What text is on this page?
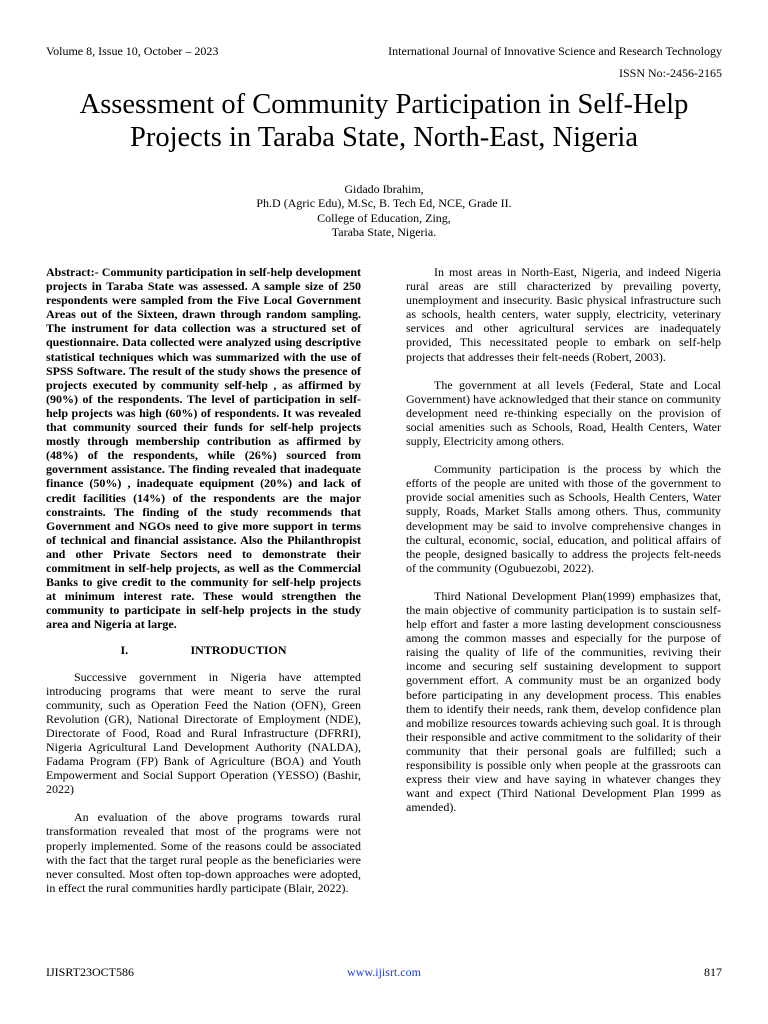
Volume 8, Issue 10, October – 2023	International Journal of Innovative Science and Research Technology
ISSN No:-2456-2165
Assessment of Community Participation in Self-Help Projects in Taraba State, North-East, Nigeria
Gidado Ibrahim,
Ph.D (Agric Edu), M.Sc, B. Tech Ed, NCE, Grade II.
College of Education, Zing,
Taraba State, Nigeria.

Abstract:- Community participation in self-help development projects in Taraba State was assessed. A sample size of 250 respondents were sampled from the Five Local Government Areas out of the Sixteen, drawn through random sampling. The instrument for data collection was a structured set of questionnaire. Data collected were analyzed using descriptive statistical techniques which was summarized with the use of SPSS Software. The result of the study shows the presence of projects executed by community self-help , as affirmed by (90%) of the respondents. The level of participation in self-help projects was high (60%) of respondents. It was revealed that community sourced their funds for self-help projects mostly through membership contribution as affirmed by (48%) of the respondents, while (26%) sourced from government assistance. The finding revealed that inadequate finance (50%) , inadequate equipment (20%) and lack of credit facilities (14%) of the respondents are the major constraints. The finding of the study recommends that Government and NGOs need to give more support in terms of technical and financial assistance. Also the Philanthropist and other Private Sectors need to demonstrate their commitment in self-help projects, as well as the Commercial Banks to give credit to the community for self-help projects at minimum interest rate. These would strengthen the community to participate in self-help projects in the study area and Nigeria at large.

I.	INTRODUCTION

Successive government in Nigeria have attempted introducing programs that were meant to serve the rural community, such as Operation Feed the Nation (OFN), Green Revolution (GR), National Directorate of Employment (NDE), Directorate of Food, Road and Rural Infrastructure (DFRRI), Nigeria Agricultural Land Development Authority (NALDA), Fadama Program (FP) Bank of Agriculture (BOA) and Youth Empowerment and Social Support Operation (YESSO) (Bashir, 2022)

An evaluation of the above programs towards rural transformation revealed that most of the programs were not properly implemented. Some of the reasons could be associated with the fact that the target rural people as the beneficiaries were never consulted. Most often top-down approaches were adopted, in effect the rural communities hardly participate (Blair, 2022).

In most areas in North-East, Nigeria, and indeed Nigeria rural areas are still characterized by prevailing poverty, unemployment and insecurity. Basic physical infrastructure such as schools, health centers, water supply, electricity, veterinary services and other agricultural services are inadequately provided, This necessitated people to embark on self-help projects that addresses their felt-needs (Robert, 2003).

The government at all levels (Federal, State and Local Government) have acknowledged that their stance on community development need re-thinking especially on the provision of social amenities such as Schools, Road, Health Centers, Water supply, Electricity among others.

Community participation is the process by which the efforts of the people are united with those of the government to provide social amenities such as Schools, Health Centers, Water supply, Roads, Market Stalls among others. Thus, community development may be said to involve comprehensive changes in the cultural, economic, social, education, and political affairs of the people, designed basically to address the projects felt-needs of the community (Ogubuezobi, 2022).

Third National Development Plan(1999) emphasizes that, the main objective of community participation is to sustain self-help effort and faster a more lasting development consciousness among the common masses and especially for the purpose of raising the quality of life of the communities, reviving their income and securing self sustaining development to support government effort. A community must be an organized body before participating in any development process. This enables them to identify their needs, rank them, develop confidence plan and mobilize resources towards achieving such goal. It is through their responsible and active commitment to the solidarity of their community that their personal goals are fulfilled; such a responsibility is possible only when people at the grassroots can express their view and have saying in whatever changes they want and expect (Third National Development Plan 1999 as amended).

IJISRT23OCT586	www.ijisrt.com	817
